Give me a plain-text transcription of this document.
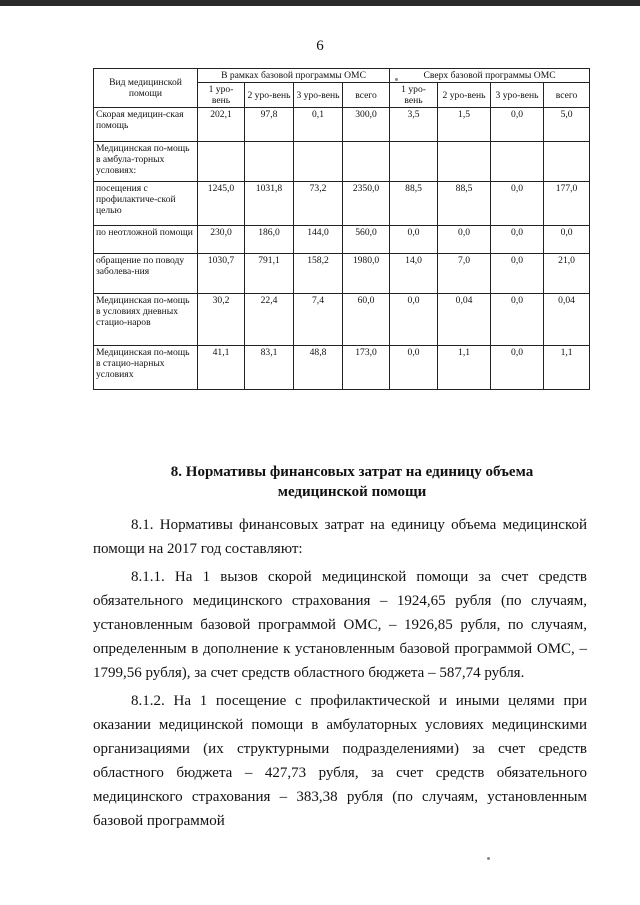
6
Вид медицинской помощи	В рамках базовой программы ОМС				Сверх базовой программы ОМС			
	1 уро-вень	2 уро-вень	3 уро-вень	всего	1 уро-вень	2 уро-вень	3 уро-вень	всего
Скорая медицин-ская помощь	202,1	97,8	0,1	300,0	3,5	1,5	0,0	5,0
Медицинская по-мощь в амбула-торных условиях:								
посещения с профилактиче-ской целью	1245,0	1031,8	73,2	2350,0	88,5	88,5	0,0	177,0
по неотложной помощи	230,0	186,0	144,0	560,0	0,0	0,0	0,0	0,0
обращение по поводу заболева-ния	1030,7	791,1	158,2	1980,0	14,0	7,0	0,0	21,0
Медицинская по-мощь в условиях дневных стацио-наров	30,2	22,4	7,4	60,0	0,0	0,04	0,0	0,04
Медицинская по-мощь в стацио-нарных условиях	41,1	83,1	48,8	173,0	0,0	1,1	0,0	1,1
8. Нормативы финансовых затрат на единицу объема медицинской помощи
8.1. Нормативы финансовых затрат на единицу объема медицинской помощи на 2017 год составляют:
8.1.1. На 1 вызов скорой медицинской помощи за счет средств обязательного медицинского страхования – 1924,65 рубля (по случаям, установленным базовой программой ОМС, – 1926,85 рубля, по случаям, определенным в дополнение к установленным базовой программой ОМС, – 1799,56 рубля), за счет средств областного бюджета – 587,74 рубля.
8.1.2. На 1 посещение с профилактической и иными целями при оказании медицинской помощи в амбулаторных условиях медицинскими организациями (их структурными подразделениями) за счет средств областного бюджета – 427,73 рубля, за счет средств обязательного медицинского страхования – 383,38 рубля (по случаям, установленным базовой программой
